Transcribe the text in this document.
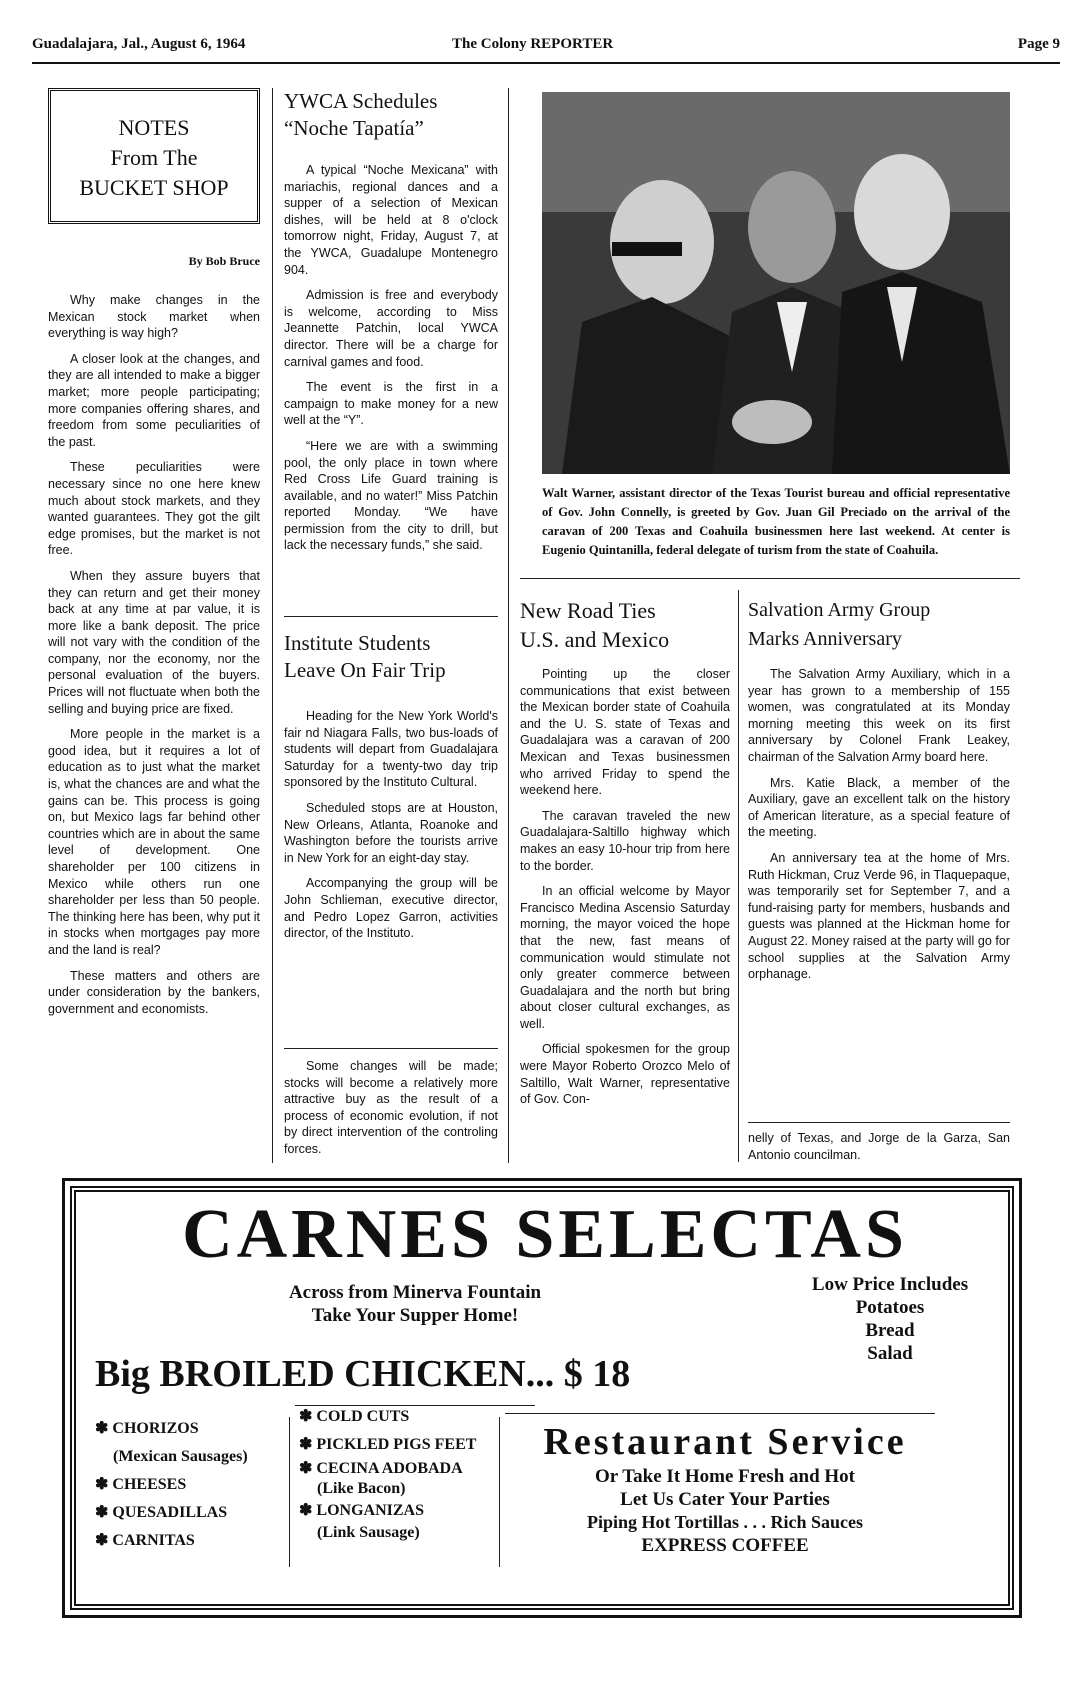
Guadalajara, Jal., August 6, 1964	The Colony REPORTER	Page 9
NOTES
From The
BUCKET SHOP
By Bob Bruce

Why make changes in the Mexican stock market when everything is way high?

A closer look at the changes, and they are all intended to make a bigger market; more people participating; more companies offering shares, and freedom from some peculiarities of the past.

These peculiarities were necessary since no one here knew much about stock markets, and they wanted guarantees. They got the gilt edge promises, but the market is not free.

When they assure buyers that they can return and get their money back at any time at par value, it is more like a bank deposit. The price will not vary with the condition of the company, nor the economy, nor the personal evaluation of the buyers. Prices will not fluctuate when both the selling and buying price are fixed.

More people in the market is a good idea, but it requires a lot of education as to just what the market is, what the chances are and what the gains can be. This process is going on, but Mexico lags far behind other countries which are in about the same level of development. One shareholder per 100 citizens in Mexico while others run one shareholder per less than 50 people. The thinking here has been, why put it in stocks when mortgages pay more and the land is real?

These matters and others are under consideration by the bankers, government and economists.

YWCA Schedules
“Noche Tapatía”

A typical “Noche Mexicana” with mariachis, regional dances and a supper of a selection of Mexican dishes, will be held at 8 o'clock tomorrow night, Friday, August 7, at the YWCA, Guadalupe Montenegro 904.

Admission is free and everybody is welcome, according to Miss Jeannette Patchin, local YWCA director. There will be a charge for carnival games and food.

The event is the first in a campaign to make money for a new well at the “Y”.

“Here we are with a swimming pool, the only place in town where Red Cross Life Guard training is available, and no water!” Miss Patchin reported Monday. “We have permission from the city to drill, but lack the necessary funds,” she said.

Institute Students
Leave On Fair Trip

Heading for the New York World's fair nd Niagara Falls, two bus-loads of students will depart from Guadalajara Saturday for a twenty-two day trip sponsored by the Instituto Cultural.

Scheduled stops are at Houston, New Orleans, Atlanta, Roanoke and Washington before the tourists arrive in New York for an eight-day stay.

Accompanying the group will be John Schlieman, executive director, and Pedro Lopez Garron, activities director, of the Instituto.

Some changes will be made; stocks will become a relatively more attractive buy as the result of a process of economic evolution, if not by direct intervention of the controling forces.

Walt Warner, assistant director of the Texas Tourist bureau and official representative of Gov. John Connelly, is greeted by Gov. Juan Gil Preciado on the arrival of the caravan of 200 Texas and Coahuila businessmen here last weekend. At center is Eugenio Quintanilla, federal delegate of turism from the state of Coahuila.
New Road Ties
U.S. and Mexico

Pointing up the closer communications that exist between the Mexican border state of Coahuila and the U. S. state of Texas and Guadalajara was a caravan of 200 Mexican and Texas businessmen who arrived Friday to spend the weekend here.

The caravan traveled the new Guadalajara-Saltillo highway which makes an easy 10-hour trip from here to the border.

In an official welcome by Mayor Francisco Medina Ascensio Saturday morning, the mayor voiced the hope that the new, fast means of communication would stimulate not only greater commerce between Guadalajara and the north but bring about closer cultural exchanges, as well.

Official spokesmen for the group were Mayor Roberto Orozco Melo of Saltillo, Walt Warner, representative of Gov. Con-

Salvation Army Group
Marks Anniversary

The Salvation Army Auxiliary, which in a year has grown to a membership of 155 women, was congratulated at its Monday morning meeting this week on its first anniversary by Colonel Frank Leakey, chairman of the Salvation Army board here.

Mrs. Katie Black, a member of the Auxiliary, gave an excellent talk on the history of American literature, as a special feature of the meeting.

An anniversary tea at the home of Mrs. Ruth Hickman, Cruz Verde 96, in Tlaquepaque, was temporarily set for September 7, and a fund-raising party for members, husbands and guests was planned at the Hickman home for August 22. Money raised at the party will go for school supplies at the Salvation Army orphanage.

nelly of Texas, and Jorge de la Garza, San Antonio councilman.

CARNES SELECTAS
Across from Minerva Fountain
Take Your Supper Home!
Low Price Includes
Potatoes
Bread
Salad
Big BROILED CHICKEN... $ 18
✽ CHORIZOS
(Mexican Sausages)
✽ CHEESES
✽ QUESADILLAS
✽ CARNITAS
✽ COLD CUTS
✽ PICKLED PIGS FEET
✽ CECINA ADOBADA
(Like Bacon)
✽ LONGANIZAS
(Link Sausage)
Restaurant Service
Or Take It Home Fresh and Hot
Let Us Cater Your Parties
Piping Hot Tortillas . . . Rich Sauces
EXPRESS COFFEE
